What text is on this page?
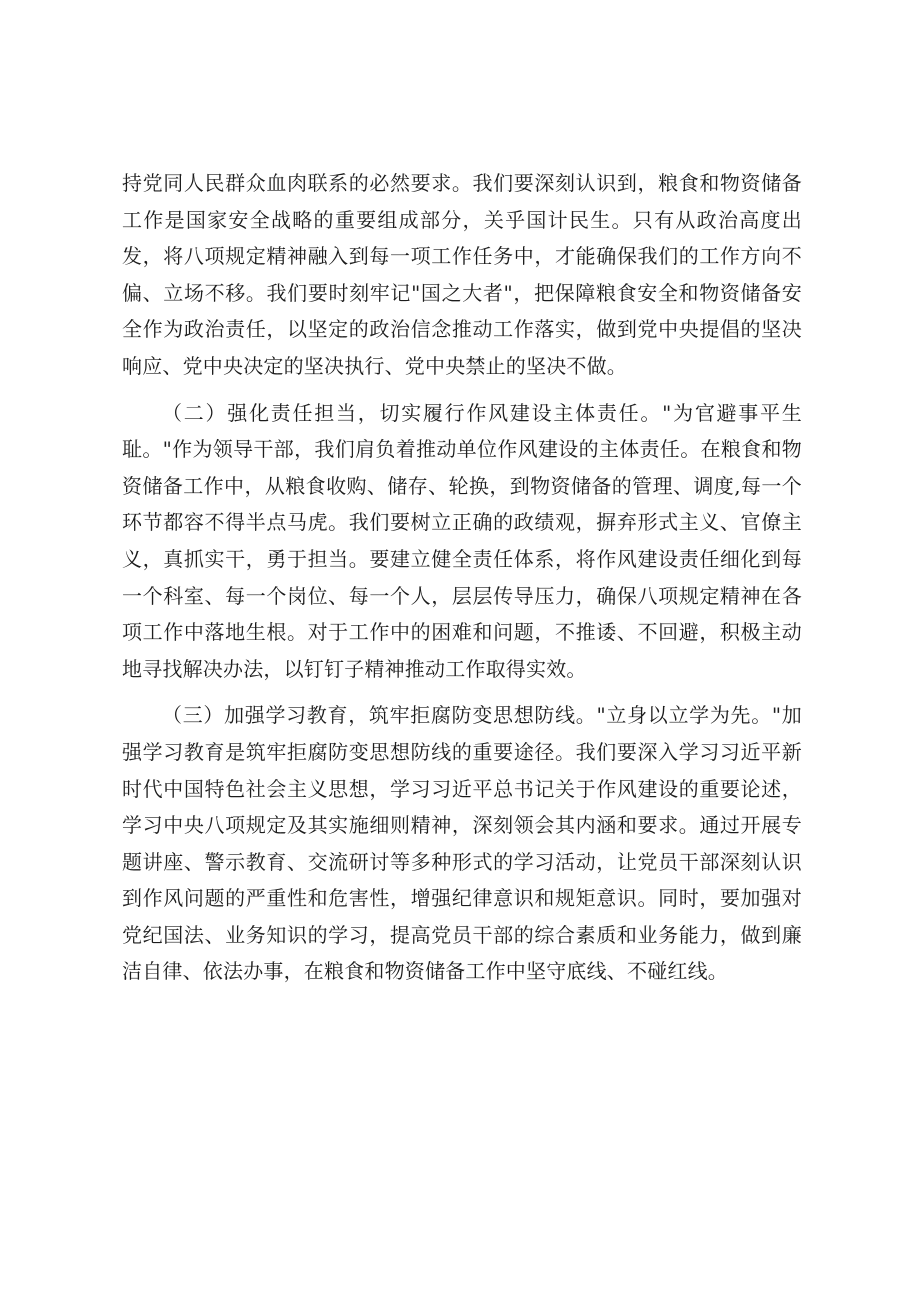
持党同人民群众血肉联系的必然要求。我们要深刻认识到，粮食和物资储备工作是国家安全战略的重要组成部分，关乎国计民生。只有从政治高度出发，将八项规定精神融入到每一项工作任务中，才能确保我们的工作方向不偏、立场不移。我们要时刻牢记"国之大者"，把保障粮食安全和物资储备安全作为政治责任，以坚定的政治信念推动工作落实，做到党中央提倡的坚决响应、党中央决定的坚决执行、党中央禁止的坚决不做。

（二）强化责任担当，切实履行作风建设主体责任。"为官避事平生耻。"作为领导干部，我们肩负着推动单位作风建设的主体责任。在粮食和物资储备工作中，从粮食收购、储存、轮换，到物资储备的管理、调度,每一个环节都容不得半点马虎。我们要树立正确的政绩观，摒弃形式主义、官僚主义，真抓实干，勇于担当。要建立健全责任体系，将作风建设责任细化到每一个科室、每一个岗位、每一个人，层层传导压力，确保八项规定精神在各项工作中落地生根。对于工作中的困难和问题，不推诿、不回避，积极主动地寻找解决办法，以钉钉子精神推动工作取得实效。

（三）加强学习教育，筑牢拒腐防变思想防线。"立身以立学为先。"加强学习教育是筑牢拒腐防变思想防线的重要途径。我们要深入学习习近平新时代中国特色社会主义思想，学习习近平总书记关于作风建设的重要论述，学习中央八项规定及其实施细则精神，深刻领会其内涵和要求。通过开展专题讲座、警示教育、交流研讨等多种形式的学习活动，让党员干部深刻认识到作风问题的严重性和危害性，增强纪律意识和规矩意识。同时，要加强对党纪国法、业务知识的学习，提高党员干部的综合素质和业务能力，做到廉洁自律、依法办事，在粮食和物资储备工作中坚守底线、不碰红线。
